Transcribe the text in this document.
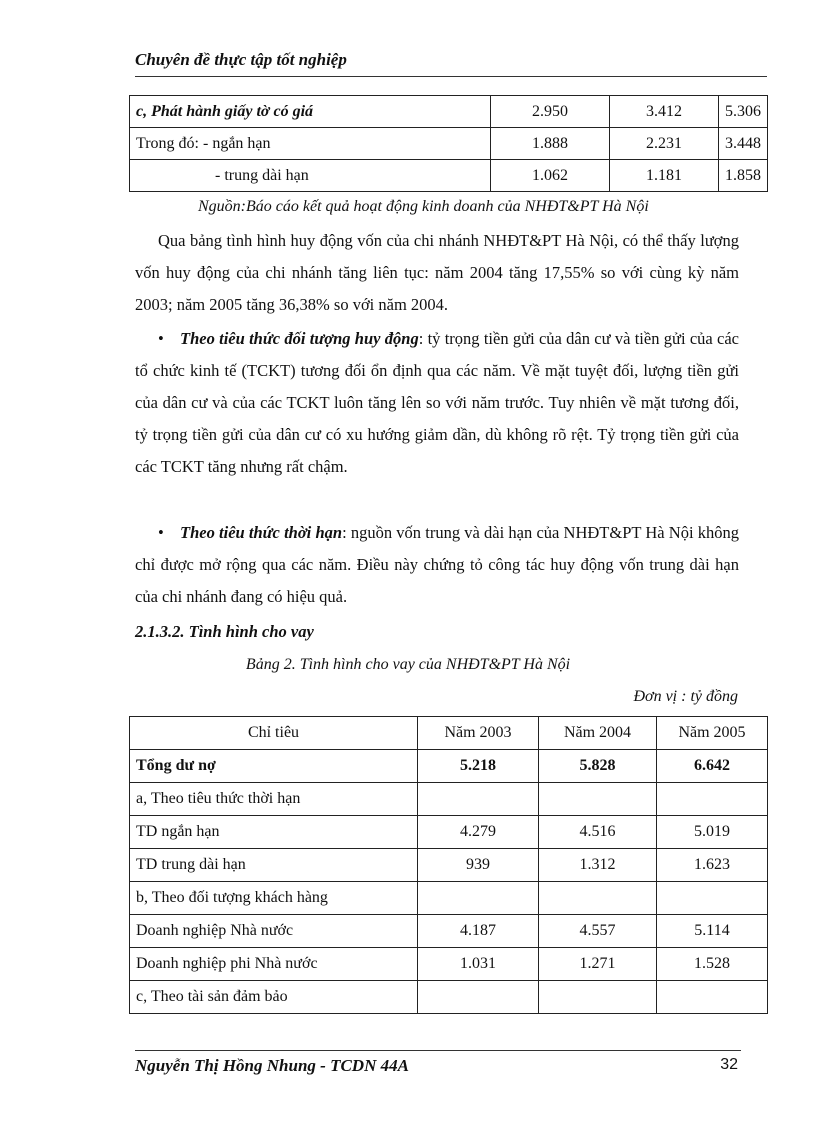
Chuyên đề thực tập tốt nghiệp
c, Phát hành giấy tờ có giá	2.950	3.412	5.306
Trong đó: - ngắn hạn	1.888	2.231	3.448
- trung dài hạn	1.062	1.181	1.858
Nguồn:Báo cáo kết quả hoạt động kinh doanh của NHĐT&PT Hà Nội
Qua bảng tình hình huy động vốn của chi nhánh NHĐT&PT Hà Nội, có thể thấy lượng vốn huy động của chi nhánh tăng liên tục: năm 2004 tăng 17,55% so với cùng kỳ năm 2003; năm 2005 tăng 36,38% so với năm 2004.
• Theo tiêu thức đối tượng huy động: tỷ trọng tiền gửi của dân cư và tiền gửi của các tổ chức kinh tế (TCKT) tương đối ổn định qua các năm. Về mặt tuyệt đối, lượng tiền gửi của dân cư và của các TCKT luôn tăng lên so với năm trước. Tuy nhiên về mặt tương đối, tỷ trọng tiền gửi của dân cư có xu hướng giảm dần, dù không rõ rệt. Tỷ trọng tiền gửi của các TCKT tăng nhưng rất chậm.
• Theo tiêu thức thời hạn: nguồn vốn trung và dài hạn của NHĐT&PT Hà Nội không chỉ được mở rộng qua các năm. Điều này chứng tỏ công tác huy động vốn trung dài hạn của chi nhánh đang có hiệu quả.
2.1.3.2. Tình hình cho vay
Bảng 2. Tình hình cho vay của NHĐT&PT Hà Nội
Đơn vị : tỷ đồng
Chỉ tiêu	Năm 2003	Năm 2004	Năm 2005
Tổng dư nợ	5.218	5.828	6.642
a, Theo tiêu thức thời hạn			
TD ngắn hạn	4.279	4.516	5.019
TD trung dài hạn	939	1.312	1.623
b, Theo đối tượng khách hàng			
Doanh nghiệp Nhà nước	4.187	4.557	5.114
Doanh nghiệp phi Nhà nước	1.031	1.271	1.528
c, Theo tài sản đảm bảo			
Nguyễn Thị Hồng Nhung - TCDN 44A	32
